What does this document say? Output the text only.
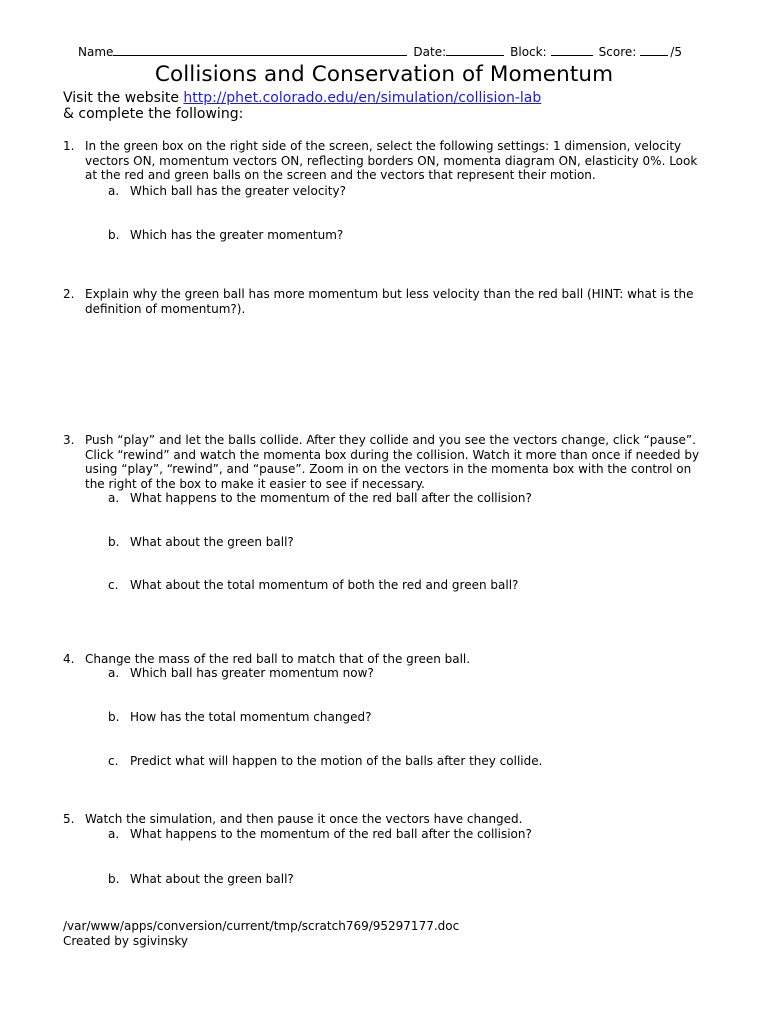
Name	Date:	Block:	Score:	/5
Collisions and Conservation of Momentum
Visit the website http://phet.colorado.edu/en/simulation/collision-lab
& complete the following:
1. In the green box on the right side of the screen, select the following settings: 1 dimension, velocity vectors ON, momentum vectors ON, reflecting borders ON, momenta diagram ON, elasticity 0%. Look at the red and green balls on the screen and the vectors that represent their motion.
a. Which ball has the greater velocity?
b. Which has the greater momentum?
2. Explain why the green ball has more momentum but less velocity than the red ball (HINT: what is the definition of momentum?).
3. Push “play” and let the balls collide. After they collide and you see the vectors change, click “pause”. Click “rewind” and watch the momenta box during the collision. Watch it more than once if needed by using “play”, “rewind”, and “pause”. Zoom in on the vectors in the momenta box with the control on the right of the box to make it easier to see if necessary.
a. What happens to the momentum of the red ball after the collision?
b. What about the green ball?
c. What about the total momentum of both the red and green ball?
4. Change the mass of the red ball to match that of the green ball.
a. Which ball has greater momentum now?
b. How has the total momentum changed?
c. Predict what will happen to the motion of the balls after they collide.
5. Watch the simulation, and then pause it once the vectors have changed.
a. What happens to the momentum of the red ball after the collision?
b. What about the green ball?
/var/www/apps/conversion/current/tmp/scratch769/95297177.doc
Created by sgivinsky
